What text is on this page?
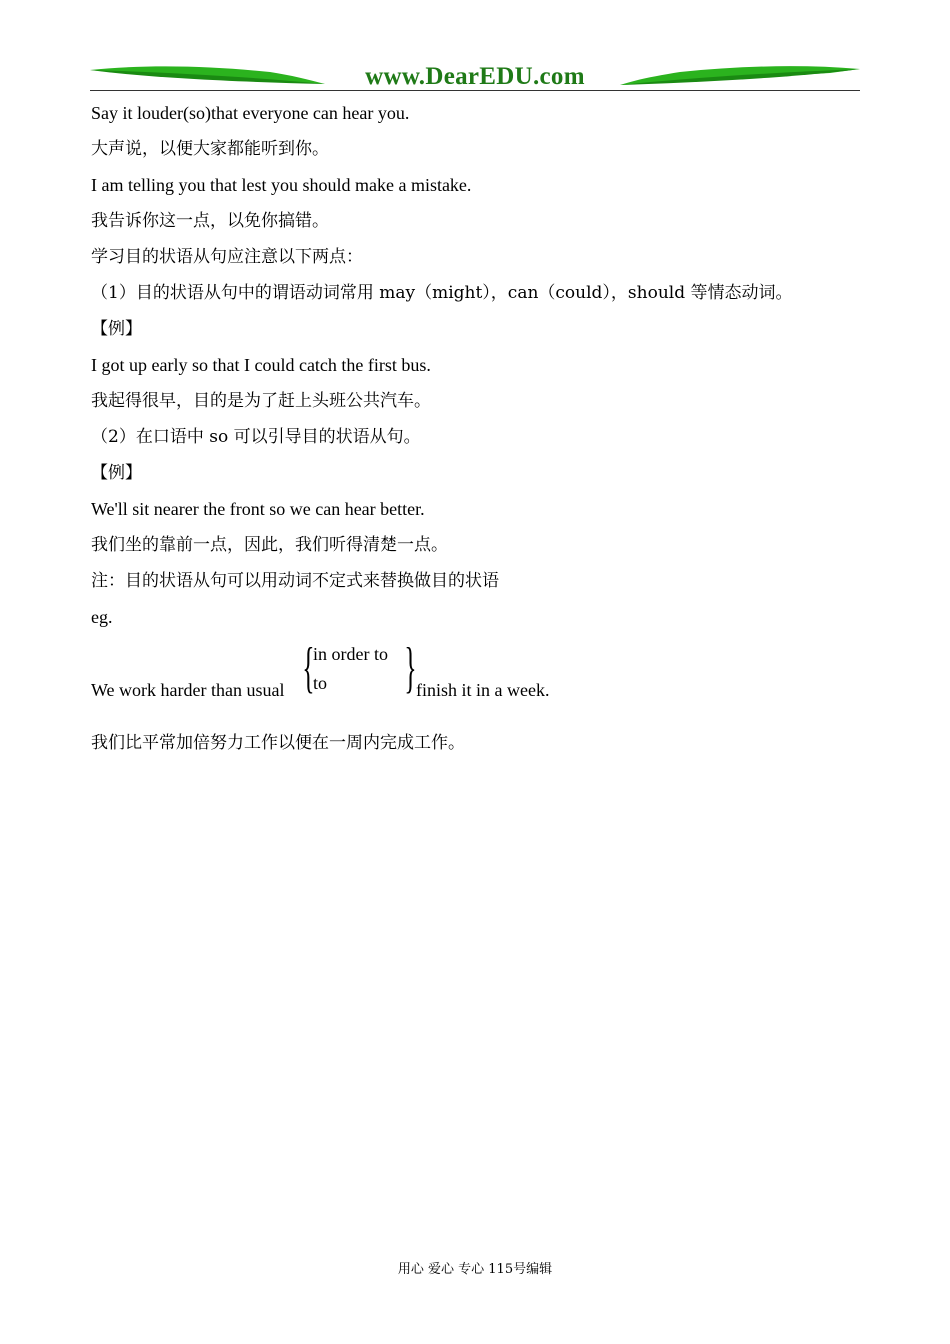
www.DearEDU.com
Say it louder(so)that everyone can hear you.
大声说，以便大家都能听到你。
I am telling you that lest you should make a mistake.
我告诉你这一点，以免你搞错。
学习目的状语从句应注意以下两点：
（1）目的状语从句中的谓语动词常用 may（might），can（could），should 等情态动词。
【例】
I got up early so that I could catch the first bus.
我起得很早，目的是为了赶上头班公共汽车。
（2）在口语中 so 可以引导目的状语从句。
【例】
We'll sit nearer the front so we can hear better.
我们坐的靠前一点，因此，我们听得清楚一点。
注：目的状语从句可以用动词不定式来替换做目的状语
eg.
We work harder than usual {
in order to
to } finish it in a week.
我们比平常加倍努力工作以便在一周内完成工作。
用心 爱心 专心 115号编辑
